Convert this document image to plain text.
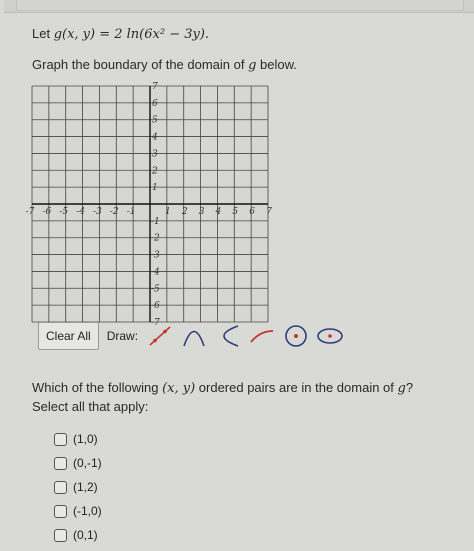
Let g(x, y) = 2 ln(6x² − 3y).
Graph the boundary of the domain of g below.
-7 -6 -5 -4 -3 -2 -1	1 2 3 4 5 6 7
7
6
5
4
3
2
1
-1
-2
-3
-4
-5
-6
-7
Clear All	Draw:
Which of the following (x, y) ordered pairs are in the domain of g? Select all that apply:
(1,0)
(0,-1)
(1,2)
(-1,0)
(0,1)
